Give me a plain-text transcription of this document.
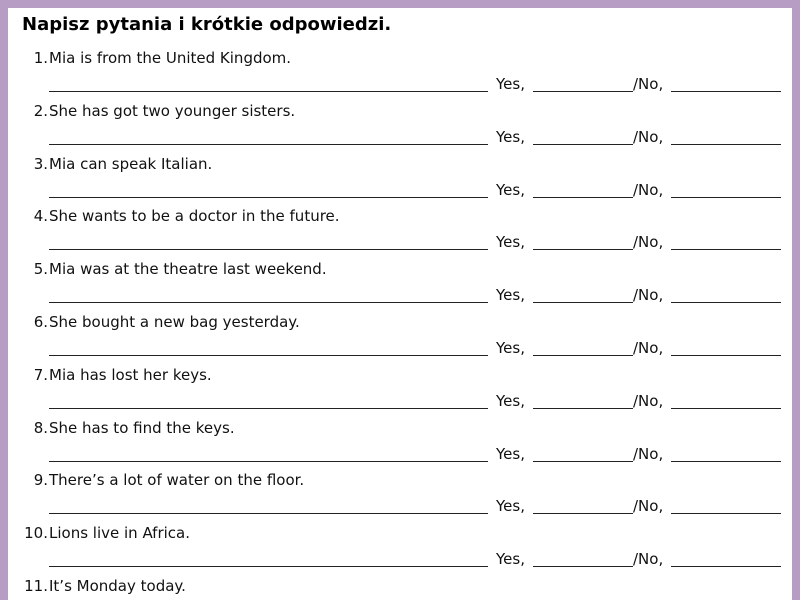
Napisz pytania i krótkie odpowiedzi.
1. Mia is from the United Kingdom.
Yes,	/No,
2. She has got two younger sisters.
Yes,	/No,
3. Mia can speak Italian.
Yes,	/No,
4. She wants to be a doctor in the future.
Yes,	/No,
5. Mia was at the theatre last weekend.
Yes,	/No,
6. She bought a new bag yesterday.
Yes,	/No,
7. Mia has lost her keys.
Yes,	/No,
8. She has to find the keys.
Yes,	/No,
9. There’s a lot of water on the floor.
Yes,	/No,
10. Lions live in Africa.
Yes,	/No,
11. It’s Monday today.
